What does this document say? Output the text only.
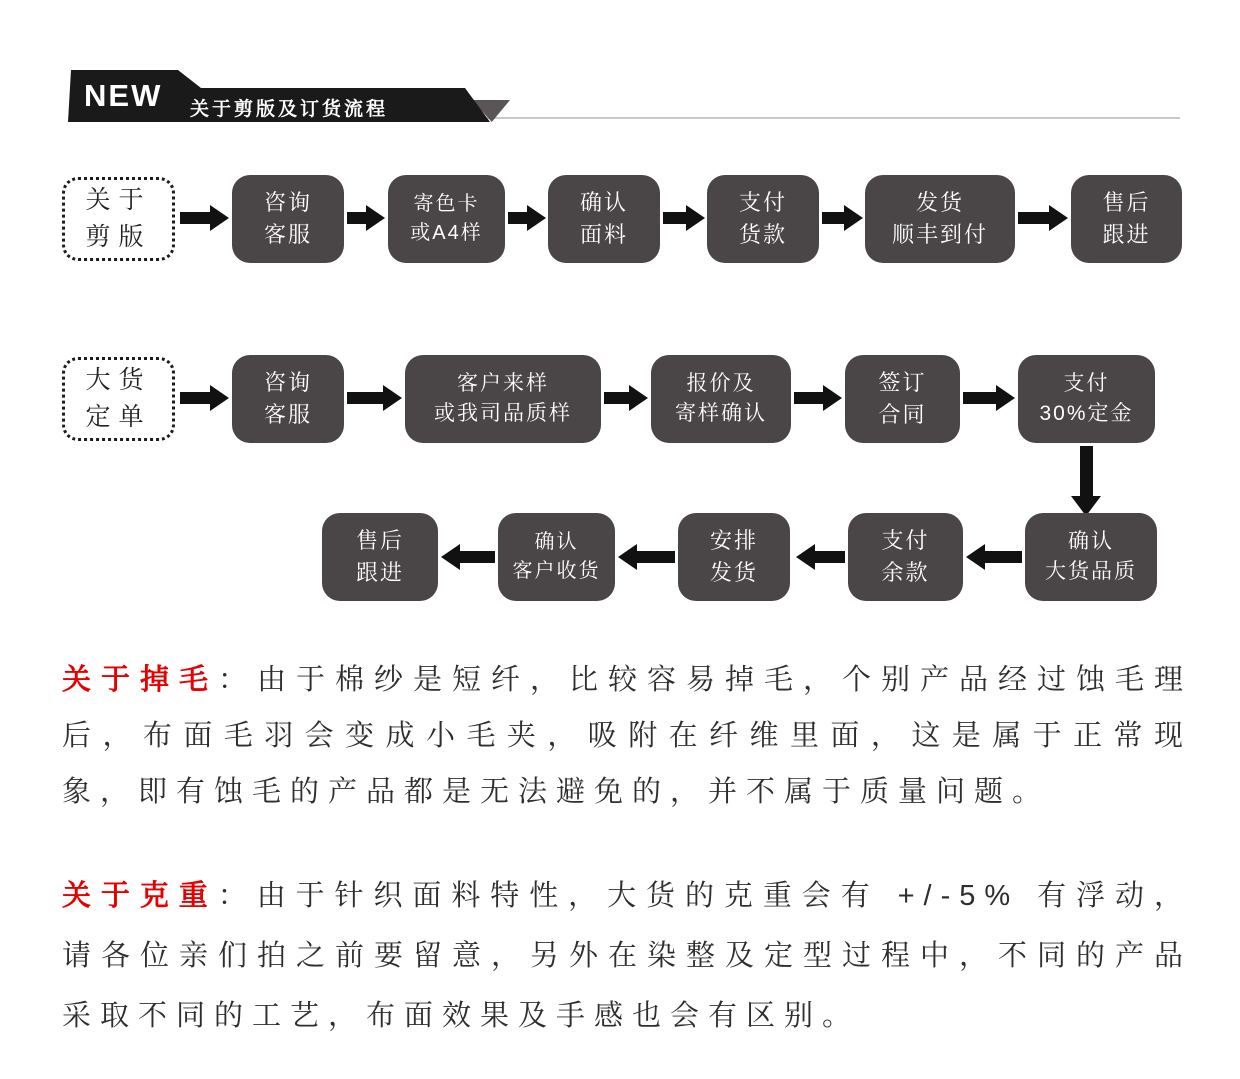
NEW 关于剪版及订货流程
关于
剪版
咨询
客服
寄色卡
或A4样
确认
面料
支付
货款
发货
顺丰到付
售后
跟进
大货
定单
咨询
客服
客户来样
或我司品质样
报价及
寄样确认
签订
合同
支付
30%定金
确认
大货品质
支付
余款
安排
发货
确认
客户收货
售后
跟进

关于掉毛：由于棉纱是短纤，比较容易掉毛，个别产品经过蚀毛理后，布面毛羽会变成小毛夹，吸附在纤维里面，这是属于正常现象，即有蚀毛的产品都是无法避免的，并不属于质量问题。

关于克重：由于针织面料特性，大货的克重会有 +/-5% 有浮动，请各位亲们拍之前要留意，另外在染整及定型过程中，不同的产品采取不同的工艺，布面效果及手感也会有区别。
